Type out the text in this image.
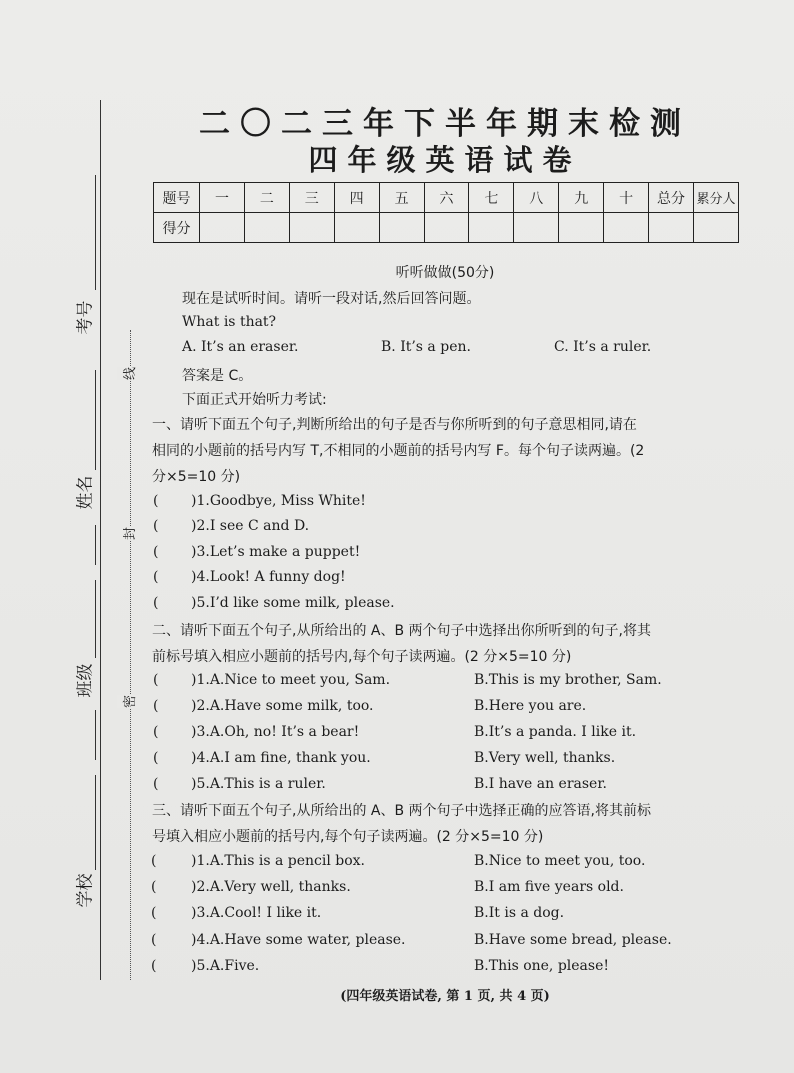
考号
姓名
班级
学校
线
封
密
二〇二三年下半年期末检测
四年级英语试卷
题号	一	二	三	四	五	六	七	八	九	十	总分	累分人
得分												
听听做做(50分)
现在是试听时间。请听一段对话,然后回答问题。
What is that?
A. It’s an eraser.	B. It’s a pen.	C. It’s a ruler.
答案是 C。
下面正式开始听力考试:
一、请听下面五个句子,判断所给出的句子是否与你所听到的句子意思相同,请在
相同的小题前的括号内写 T,不相同的小题前的括号内写 F。每个句子读两遍。(2
分×5=10 分)
( )1.Goodbye, Miss White!
( )2.I see C and D.
( )3.Let’s make a puppet!
( )4.Look! A funny dog!
( )5.I’d like some milk, please.
二、请听下面五个句子,从所给出的 A、B 两个句子中选择出你所听到的句子,将其
前标号填入相应小题前的括号内,每个句子读两遍。(2 分×5=10 分)
( )1.A.Nice to meet you, Sam.	B.This is my brother, Sam.
( )2.A.Have some milk, too.	B.Here you are.
( )3.A.Oh, no! It’s a bear!	B.It’s a panda. I like it.
( )4.A.I am fine, thank you.	B.Very well, thanks.
( )5.A.This is a ruler.	B.I have an eraser.
三、请听下面五个句子,从所给出的 A、B 两个句子中选择正确的应答语,将其前标
号填入相应小题前的括号内,每个句子读两遍。(2 分×5=10 分)
( )1.A.This is a pencil box.	B.Nice to meet you, too.
( )2.A.Very well, thanks.	B.I am five years old.
( )3.A.Cool! I like it.	B.It is a dog.
( )4.A.Have some water, please.	B.Have some bread, please.
( )5.A.Five.	B.This one, please!
(四年级英语试卷, 第 1 页, 共 4 页)
